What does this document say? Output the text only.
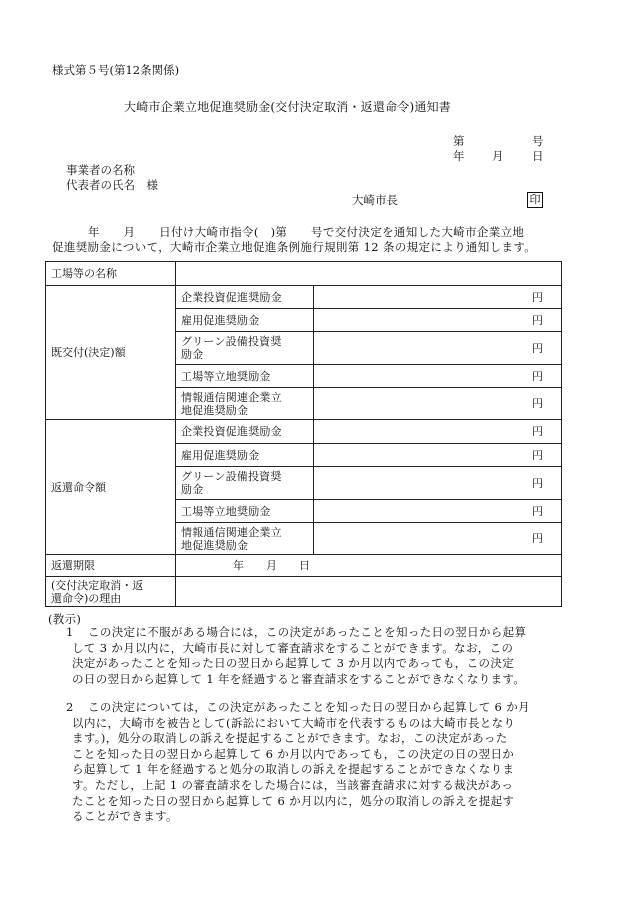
様式第５号(第12条関係)
大崎市企業立地促進奨励金(交付決定取消・返還命令)通知書
第	号
年 月 日
事業者の名称
代表者の氏名　様
大崎市長	印
年　　月　　日付け大崎市指令(　)第　　号で交付決定を通知した大崎市企業立地
促進奨励金について，大崎市企業立地促進条例施行規則第 12 条の規定により通知します。
工場等の名称		
既交付(決定)額	企業投資促進奨励金	円
	雇用促進奨励金	円

	グリーン設備投資奨
励金	円
	工場等立地奨励金	円

	情報通信関連企業立
地促進奨励金	円
返還命令額	企業投資促進奨励金	円
	雇用促進奨励金	円

	グリーン設備投資奨
励金	円
	工場等立地奨励金	円

	情報通信関連企業立
地促進奨励金	円
返還期限	年　　月　　日	

(交付決定取消・返
還命令)の理由		

(教示)
1 この決定に不服がある場合には，この決定があったことを知った日の翌日から起算
して 3 か月以内に，大崎市長に対して審査請求をすることができます。なお，この
決定があったことを知った日の翌日から起算して 3 か月以内であっても，この決定
の日の翌日から起算して 1 年を経過すると審査請求をすることができなくなります。
2 この決定については，この決定があったことを知った日の翌日から起算して 6 か月
以内に，大崎市を被告として(訴訟において大崎市を代表するものは大崎市長となり
ます。)，処分の取消しの訴えを提起することができます。なお，この決定があった
ことを知った日の翌日から起算して 6 か月以内であっても，この決定の日の翌日か
ら起算して 1 年を経過すると処分の取消しの訴えを提起することができなくなりま
す。ただし，上記 1 の審査請求をした場合には，当該審査請求に対する裁決があっ
たことを知った日の翌日から起算して 6 か月以内に，処分の取消しの訴えを提起す
ることができます。
